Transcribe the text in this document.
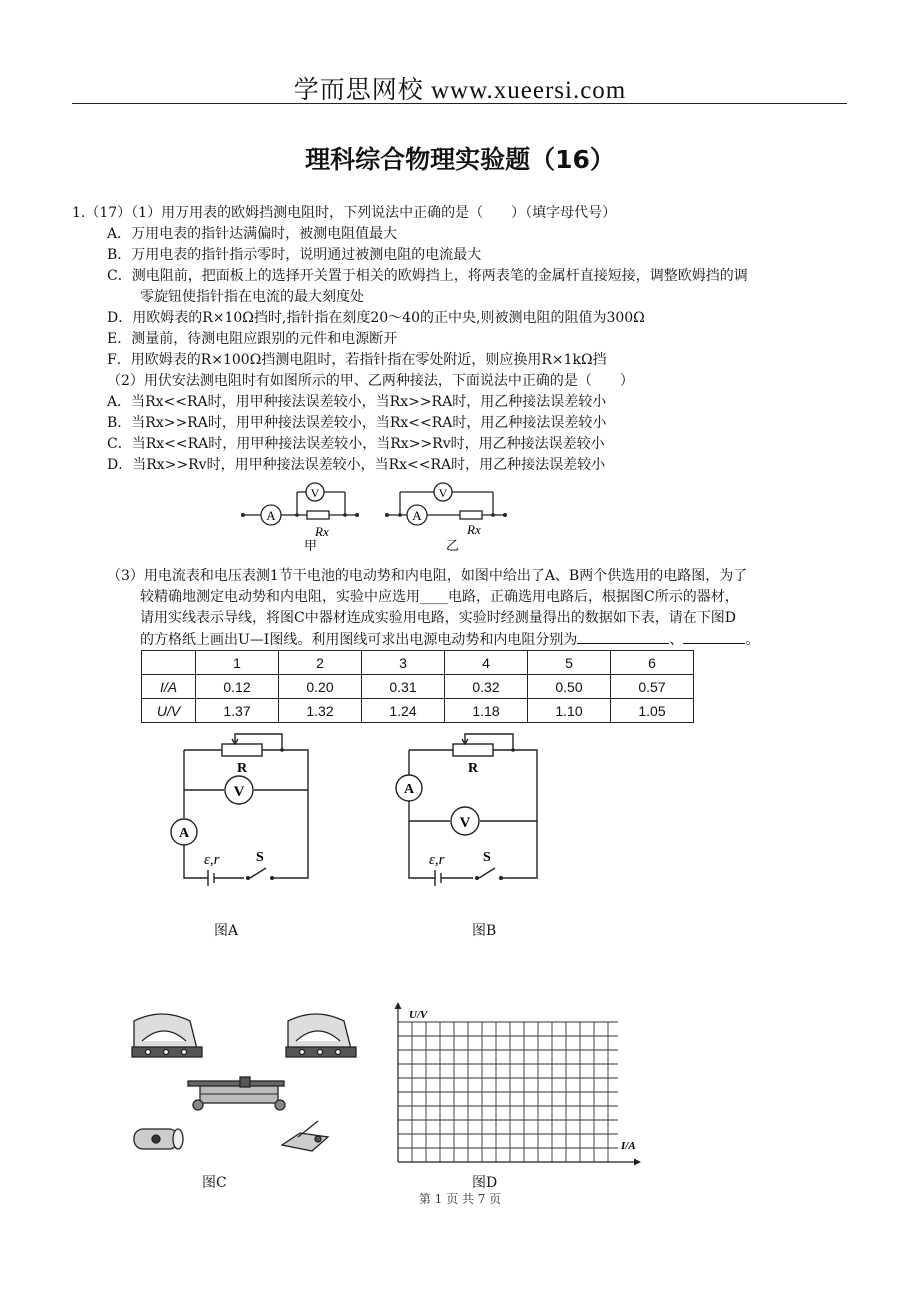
学而思网校 www.xueersi.com
理科综合物理实验题（16）
1.（17）（1）用万用表的欧姆挡测电阻时，下列说法中正确的是（　　）（填字母代号）
A．万用电表的指针达满偏时，被测电阻值最大
B．万用电表的指针指示零时，说明通过被测电阻的电流最大
C．测电阻前，把面板上的选择开关置于相关的欧姆挡上，将两表笔的金属杆直接短接，调整欧姆挡的调
零旋钮使指针指在电流的最大刻度处
D．用欧姆表的R×10Ω挡时,指针指在刻度20～40的正中央,则被测电阻的阻值为300Ω
E．测量前，待测电阻应跟别的元件和电源断开
F．用欧姆表的R×100Ω挡测电阻时，若指针指在零处附近，则应换用R×1kΩ挡
（2）用伏安法测电阻时有如图所示的甲、乙两种接法，下面说法中正确的是（　　）
A．当Rx<<RA时，用甲种接法误差较小，当Rx>>RA时，用乙种接法误差较小
B．当Rx>>RA时，用甲种接法误差较小，当Rx<<RA时，用乙种接法误差较小
C．当Rx<<RA时，用甲种接法误差较小，当Rx>>Rv时，用乙种接法误差较小
D．当Rx>>Rv时，用甲种接法误差较小，当Rx<<RA时，用乙种接法误差较小
A
V
Rx
甲
A
V
Rx
乙
（3）用电流表和电压表测1节干电池的电动势和内电阻，如图中给出了A、B两个供选用的电路图，为了
较精确地测定电动势和内电阻，实验中应选用____电路，正确选用电路后，根据图C所示的器材，
请用实线表示导线，将图C中器材连成实验用电路，实验时经测量得出的数据如下表，请在下图D
的方格纸上画出U—I图线。利用图线可求出电源电动势和内电阻分别为	、	。
	1	2	3	4	5	6
I/A	0.12	0.20	0.31	0.32	0.50	0.57
U/V	1.37	1.32	1.24	1.18	1.10	1.05
R
V
A
ε,r	S
图A
R
A
V
ε,r	S
图B
图C
U/V
I/A
图D
第 1 页 共 7 页
